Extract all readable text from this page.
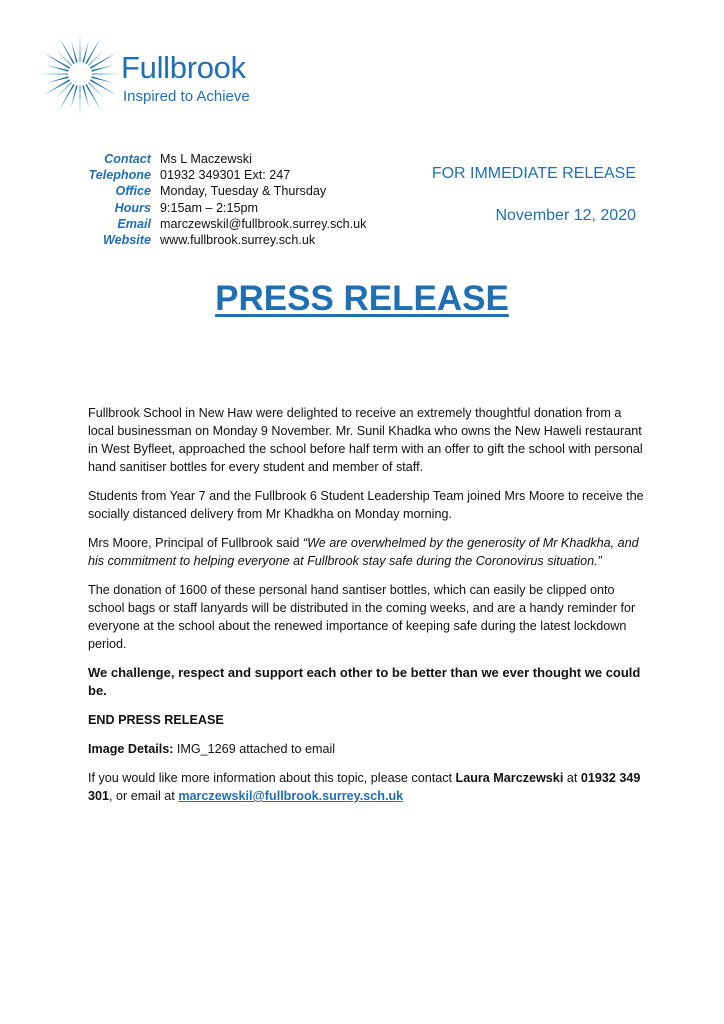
Fullbrook
Inspired to Achieve
Contact Ms L Maczewski
Telephone 01932 349301 Ext: 247
Office Monday, Tuesday & Thursday
Hours 9:15am – 2:15pm
Email marczewskil@fullbrook.surrey.sch.uk
Website www.fullbrook.surrey.sch.uk
FOR IMMEDIATE RELEASE
November 12, 2020
PRESS RELEASE

Fullbrook School in New Haw were delighted to receive an extremely thoughtful donation from a local businessman on Monday 9 November. Mr. Sunil Khadka who owns the New Haweli restaurant in West Byfleet, approached the school before half term with an offer to gift the school with personal hand sanitiser bottles for every student and member of staff.

Students from Year 7 and the Fullbrook 6 Student Leadership Team joined Mrs Moore to receive the socially distanced delivery from Mr Khadkha on Monday morning.

Mrs Moore, Principal of Fullbrook said “We are overwhelmed by the generosity of Mr Khadkha, and his commitment to helping everyone at Fullbrook stay safe during the Coronovirus situation.”

The donation of 1600 of these personal hand santiser bottles, which can easily be clipped onto school bags or staff lanyards will be distributed in the coming weeks, and are a handy reminder for everyone at the school about the renewed importance of keeping safe during the latest lockdown period.

We challenge, respect and support each other to be better than we ever thought we could be.

END PRESS RELEASE

Image Details: IMG_1269 attached to email

If you would like more information about this topic, please contact Laura Marczewski at 01932 349 301, or email at marczewskil@fullbrook.surrey.sch.uk
